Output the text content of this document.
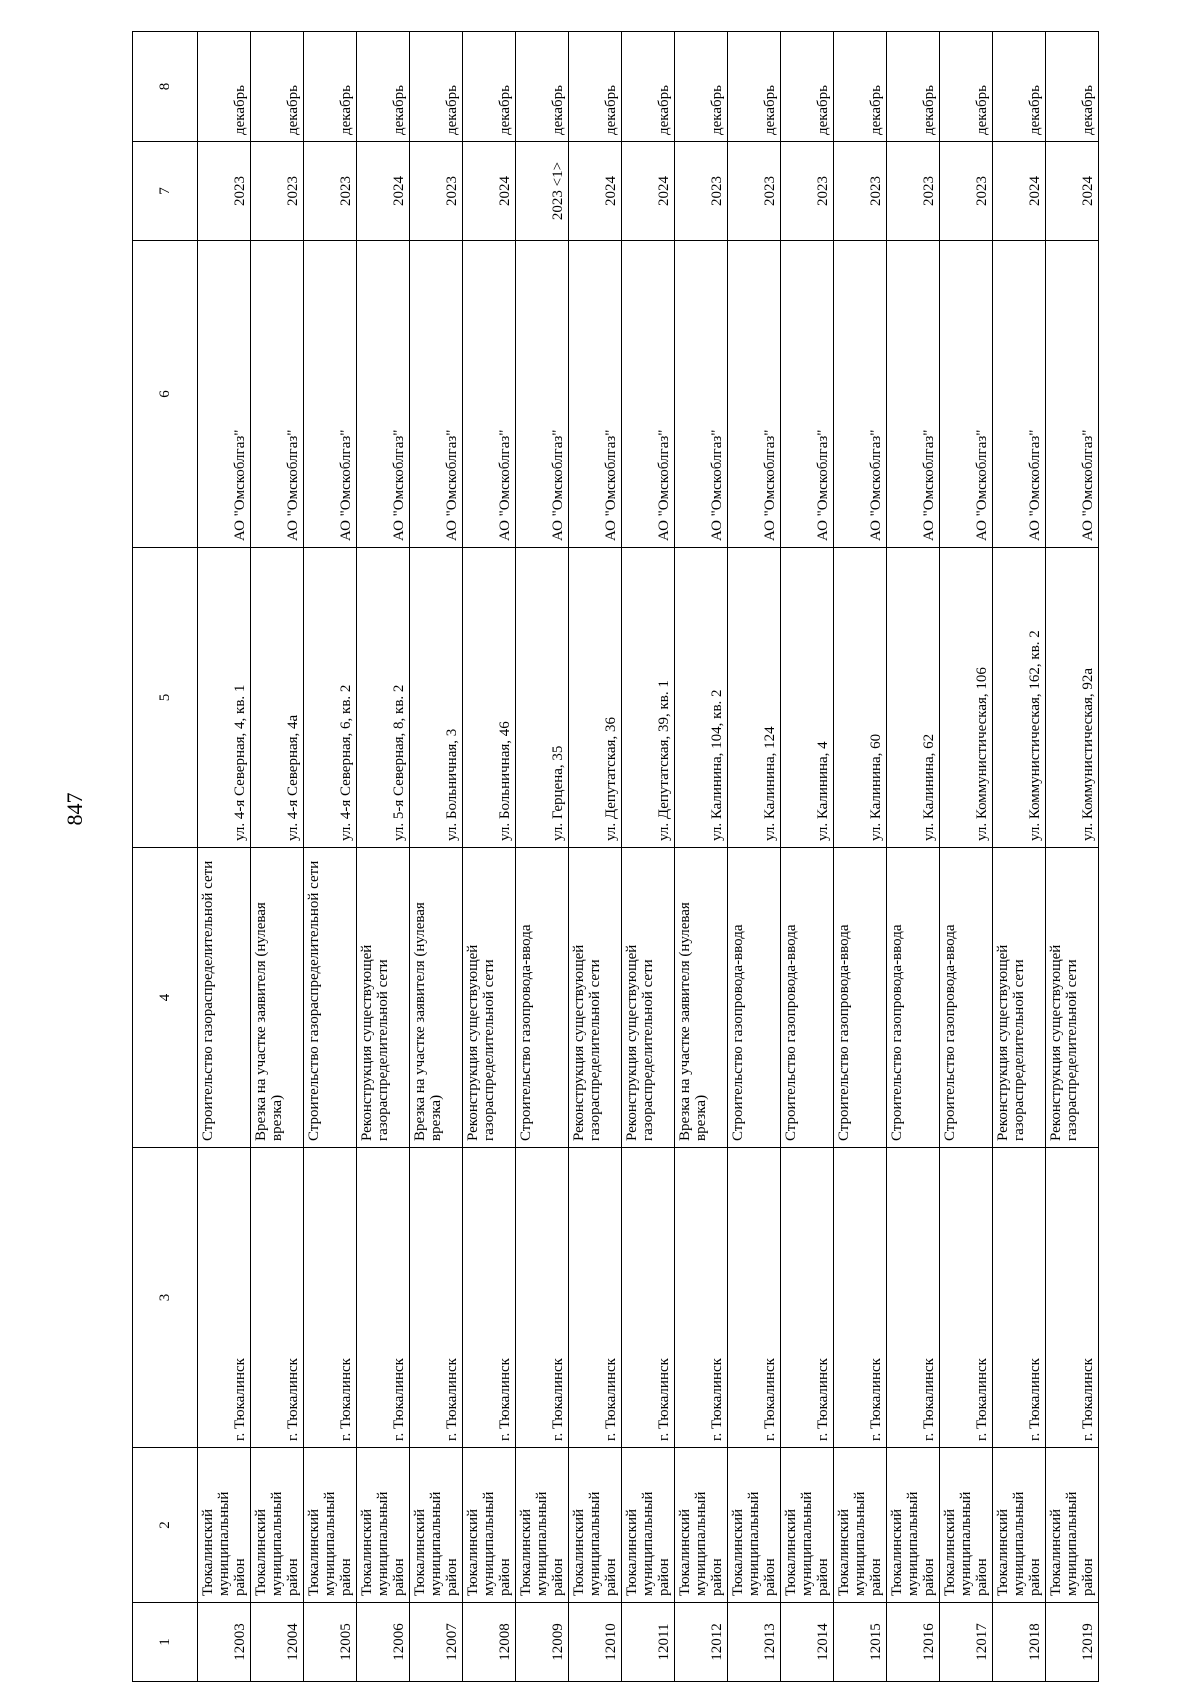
847
1	2	3	4	5	6	7	8
12003	Тюкалинский муниципальный район	г. Тюкалинск	Строительство газораспределительной сети	ул. 4-я Северная, 4, кв. 1	АО "Омскоблгаз"	2023	декабрь
12004	Тюкалинский муниципальный район	г. Тюкалинск	Врезка на участке заявителя (нулевая врезка)	ул. 4-я Северная, 4а	АО "Омскоблгаз"	2023	декабрь
12005	Тюкалинский муниципальный район	г. Тюкалинск	Строительство газораспределительной сети	ул. 4-я Северная, 6, кв. 2	АО "Омскоблгаз"	2023	декабрь
12006	Тюкалинский муниципальный район	г. Тюкалинск	Реконструкция существующей газораспределительной сети	ул. 5-я Северная, 8, кв. 2	АО "Омскоблгаз"	2024	декабрь
12007	Тюкалинский муниципальный район	г. Тюкалинск	Врезка на участке заявителя (нулевая врезка)	ул. Больничная, 3	АО "Омскоблгаз"	2023	декабрь
12008	Тюкалинский муниципальный район	г. Тюкалинск	Реконструкция существующей газораспределительной сети	ул. Больничная, 46	АО "Омскоблгаз"	2024	декабрь
12009	Тюкалинский муниципальный район	г. Тюкалинск	Строительство газопровода-ввода	ул. Герцена, 35	АО "Омскоблгаз"	2023 <1>	декабрь
12010	Тюкалинский муниципальный район	г. Тюкалинск	Реконструкция существующей газораспределительной сети	ул. Депутатская, 36	АО "Омскоблгаз"	2024	декабрь
12011	Тюкалинский муниципальный район	г. Тюкалинск	Реконструкция существующей газораспределительной сети	ул. Депутатская, 39, кв. 1	АО "Омскоблгаз"	2024	декабрь
12012	Тюкалинский муниципальный район	г. Тюкалинск	Врезка на участке заявителя (нулевая врезка)	ул. Калинина, 104, кв. 2	АО "Омскоблгаз"	2023	декабрь
12013	Тюкалинский муниципальный район	г. Тюкалинск	Строительство газопровода-ввода	ул. Калинина, 124	АО "Омскоблгаз"	2023	декабрь
12014	Тюкалинский муниципальный район	г. Тюкалинск	Строительство газопровода-ввода	ул. Калинина, 4	АО "Омскоблгаз"	2023	декабрь
12015	Тюкалинский муниципальный район	г. Тюкалинск	Строительство газопровода-ввода	ул. Калинина, 60	АО "Омскоблгаз"	2023	декабрь
12016	Тюкалинский муниципальный район	г. Тюкалинск	Строительство газопровода-ввода	ул. Калинина, 62	АО "Омскоблгаз"	2023	декабрь
12017	Тюкалинский муниципальный район	г. Тюкалинск	Строительство газопровода-ввода	ул. Коммунистическая, 106	АО "Омскоблгаз"	2023	декабрь
12018	Тюкалинский муниципальный район	г. Тюкалинск	Реконструкция существующей газораспределительной сети	ул. Коммунистическая, 162, кв. 2	АО "Омскоблгаз"	2024	декабрь
12019	Тюкалинский муниципальный район	г. Тюкалинск	Реконструкция существующей газораспределительной сети	ул. Коммунистическая, 92а	АО "Омскоблгаз"	2024	декабрь
